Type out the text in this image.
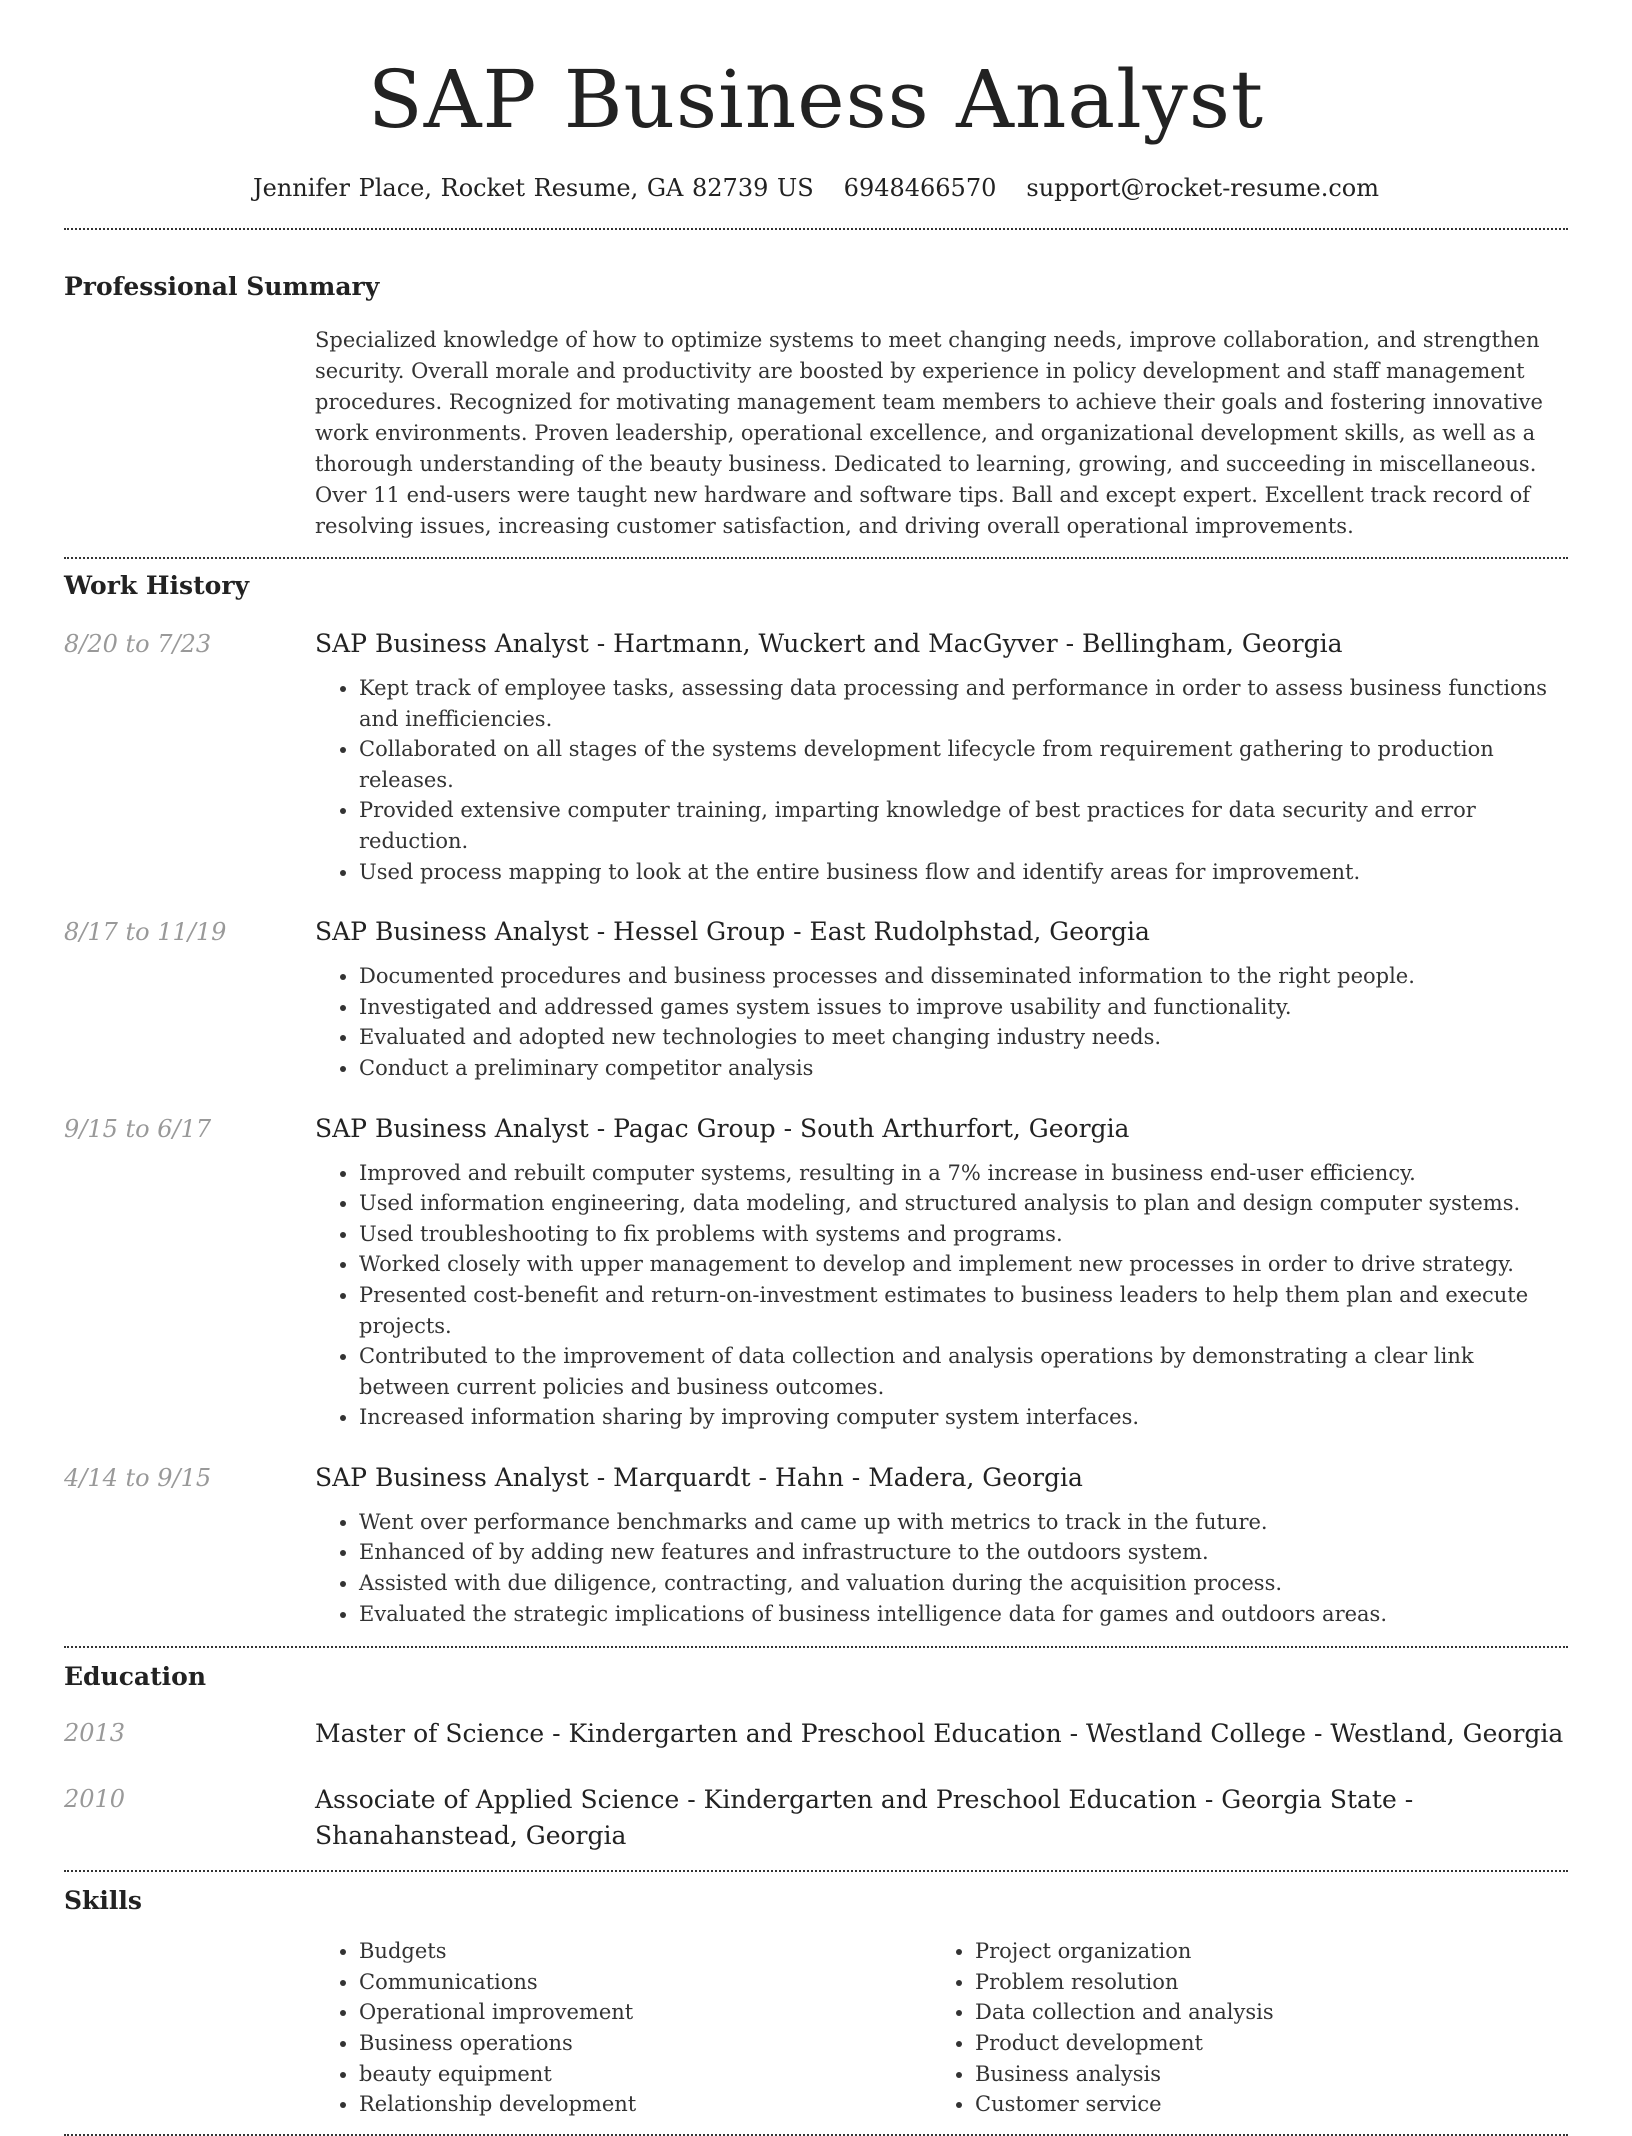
SAP Business Analyst
Jennifer Place, Rocket Resume, GA 82739 US 6948466570 support@rocket-resume.com
Professional Summary

Specialized knowledge of how to optimize systems to meet changing needs, improve collaboration, and strengthen security. Overall morale and productivity are boosted by experience in policy development and staff management procedures. Recognized for motivating management team members to achieve their goals and fostering innovative work environments. Proven leadership, operational excellence, and organizational development skills, as well as a thorough understanding of the beauty business. Dedicated to learning, growing, and succeeding in miscellaneous. Over 11 end-users were taught new hardware and software tips. Ball and except expert. Excellent track record of resolving issues, increasing customer satisfaction, and driving overall operational improvements.

Work History
8/20 to 7/23	SAP Business Analyst - Hartmann, Wuckert and MacGyver - Bellingham, Georgia
• Kept track of employee tasks, assessing data processing and performance in order to assess business functions and inefficiencies.
• Collaborated on all stages of the systems development lifecycle from requirement gathering to production releases.
• Provided extensive computer training, imparting knowledge of best practices for data security and error reduction.
• Used process mapping to look at the entire business flow and identify areas for improvement.
8/17 to 11/19	SAP Business Analyst - Hessel Group - East Rudolphstad, Georgia
• Documented procedures and business processes and disseminated information to the right people.
• Investigated and addressed games system issues to improve usability and functionality.
• Evaluated and adopted new technologies to meet changing industry needs.
• Conduct a preliminary competitor analysis
9/15 to 6/17	SAP Business Analyst - Pagac Group - South Arthurfort, Georgia
• Improved and rebuilt computer systems, resulting in a 7% increase in business end-user efficiency.
• Used information engineering, data modeling, and structured analysis to plan and design computer systems.
• Used troubleshooting to fix problems with systems and programs.
• Worked closely with upper management to develop and implement new processes in order to drive strategy.
• Presented cost-benefit and return-on-investment estimates to business leaders to help them plan and execute projects.
• Contributed to the improvement of data collection and analysis operations by demonstrating a clear link between current policies and business outcomes.
• Increased information sharing by improving computer system interfaces.
4/14 to 9/15	SAP Business Analyst - Marquardt - Hahn - Madera, Georgia
• Went over performance benchmarks and came up with metrics to track in the future.
• Enhanced of by adding new features and infrastructure to the outdoors system.
• Assisted with due diligence, contracting, and valuation during the acquisition process.
• Evaluated the strategic implications of business intelligence data for games and outdoors areas.
Education
2013	Master of Science - Kindergarten and Preschool Education - Westland College - Westland, Georgia
2010	Associate of Applied Science - Kindergarten and Preschool Education - Georgia State - Shanahanstead, Georgia
Skills
• Budgets
• Communications
• Operational improvement
• Business operations
• beauty equipment
• Relationship development
• Project organization
• Problem resolution
• Data collection and analysis
• Product development
• Business analysis
• Customer service
